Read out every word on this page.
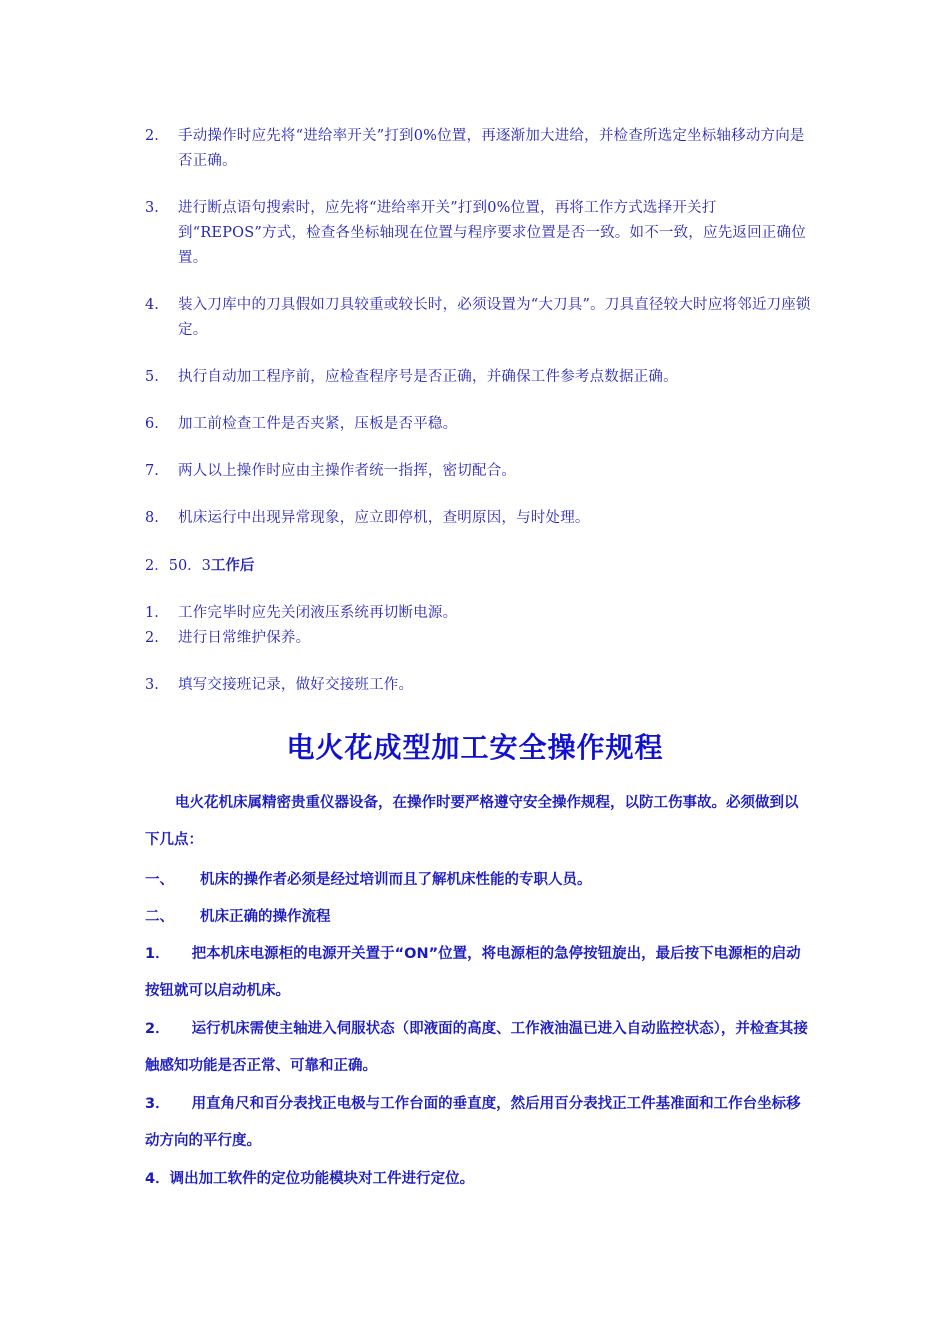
2. 手动操作时应先将“进给率开关”打到0%位置，再逐渐加大进给，并检查所选定坐标轴移动方向是否正确。
3. 进行断点语句搜索时，应先将“进给率开关”打到0%位置，再将工作方式选择开关打到“REPOS”方式，检查各坐标轴现在位置与程序要求位置是否一致。如不一致，应先返回正确位置。
4. 装入刀库中的刀具假如刀具较重或较长时，必须设置为“大刀具”。刀具直径较大时应将邻近刀座锁定。
5. 执行自动加工程序前，应检查程序号是否正确，并确保工件参考点数据正确。
6. 加工前检查工件是否夹紧，压板是否平稳。
7. 两人以上操作时应由主操作者统一指挥，密切配合。
8. 机床运行中出现异常现象，应立即停机，查明原因，与时处理。
2．50．3工作后
1. 工作完毕时应先关闭液压系统再切断电源。
2. 进行日常维护保养。
3. 填写交接班记录，做好交接班工作。
电火花成型加工安全操作规程
电火花机床属精密贵重仪器设备，在操作时要严格遵守安全操作规程，以防工伤事故。必须做到以下几点：
一、 机床的操作者必须是经过培训而且了解机床性能的专职人员。
二、 机床正确的操作流程
1． 把本机床电源柜的电源开关置于“ON”位置，将电源柜的急停按钮旋出，最后按下电源柜的启动按钮就可以启动机床。
2． 运行机床需使主轴进入伺服状态（即液面的高度、工作液油温已进入自动监控状态），并检查其接触感知功能是否正常、可靠和正确。
3． 用直角尺和百分表找正电极与工作台面的垂直度，然后用百分表找正工件基准面和工作台坐标移动方向的平行度。
4．调出加工软件的定位功能模块对工件进行定位。
